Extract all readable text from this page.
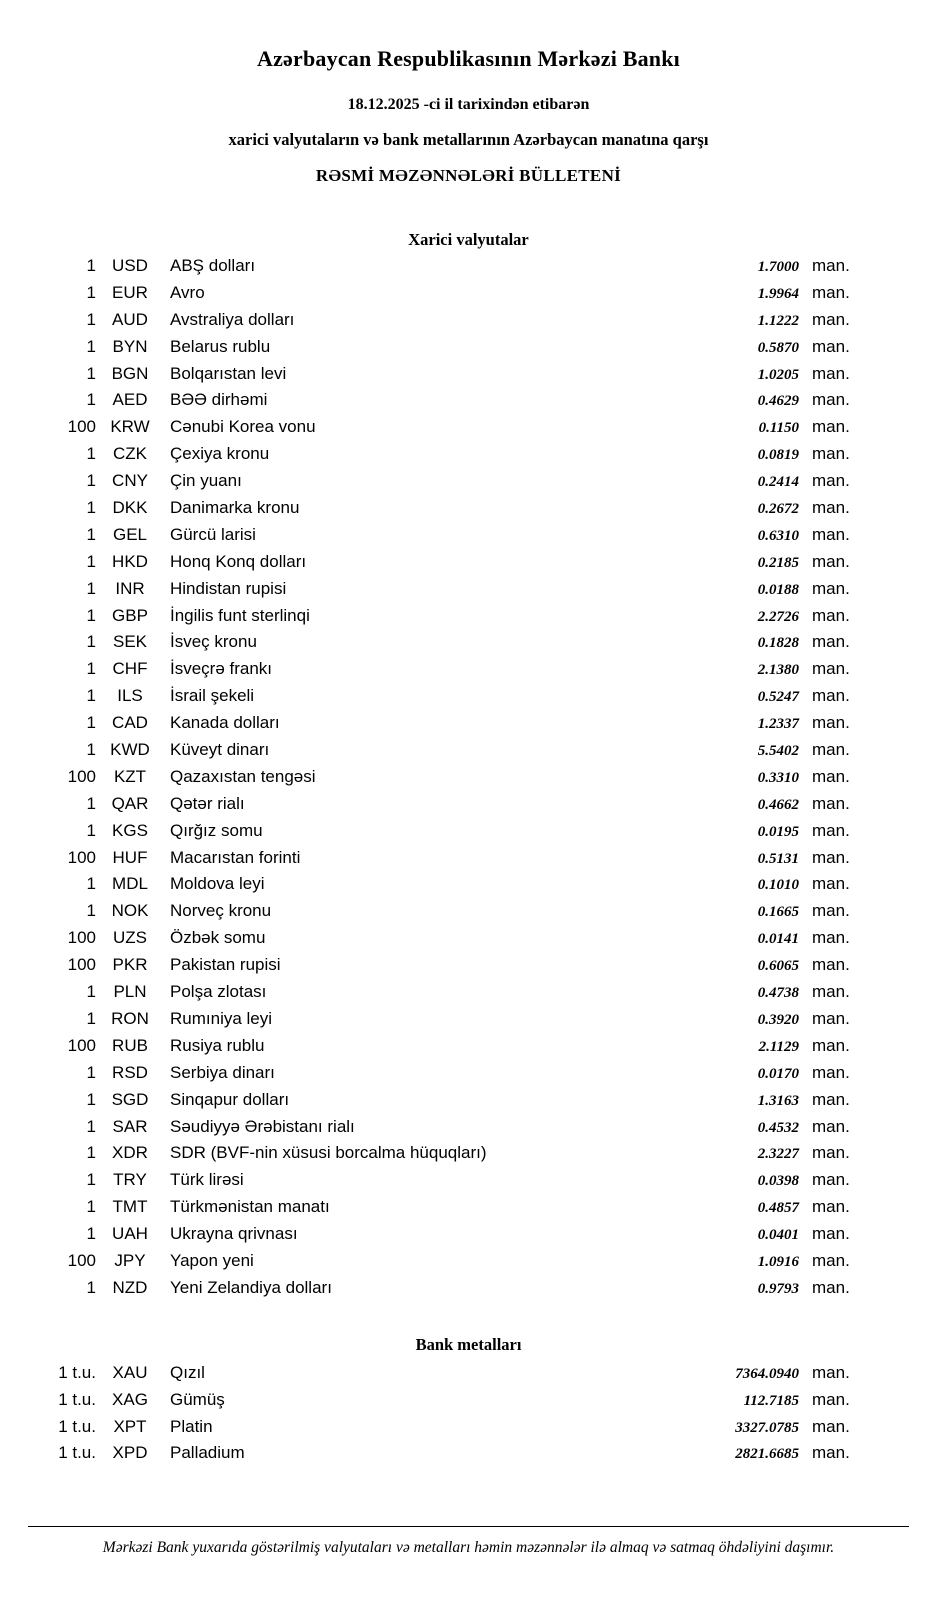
Azərbaycan Respublikasının Mərkəzi Bankı
18.12.2025 -ci il tarixindən etibarən
xarici valyutaların və bank metallarının Azərbaycan manatına qarşı
RƏSMİ MƏZƏNNƏLƏRİ BÜLLETENİ
Xarici valyutalar
1 USD	ABŞ dolları	1.7000 man.
1 EUR	Avro	1.9964 man.
1 AUD	Avstraliya dolları	1.1222 man.
1 BYN	Belarus rublu	0.5870 man.
1 BGN	Bolqarıstan levi	1.0205 man.
1 AED	BƏƏ dirhəmi	0.4629 man.
100 KRW	Cənubi Korea vonu	0.1150 man.
1	CZK	Çexiya kronu	0.0819 man.
1 CNY	Çin yuanı	0.2414 man.
1 DKK	Danimarka kronu	0.2672 man.
1 GEL	Gürcü larisi	0.6310 man.
1 HKD	Honq Konq dolları	0.2185 man.
1	INR	Hindistan rupisi	0.0188 man.
1 GBP	İngilis funt sterlinqi	2.2726 man.
1 SEK	İsveç kronu	0.1828 man.
1 CHF	İsveçrə frankı	2.1380 man.
1	ILS	İsrail şekeli	0.5247 man.
1 CAD	Kanada dolları	1.2337 man.
1 KWD	Küveyt dinarı	5.5402 man.
100	KZT	Qazaxıstan tengəsi	0.3310 man.
1 QAR	Qətər rialı	0.4662 man.
1 KGS	Qırğız somu	0.0195 man.
100 HUF	Macarıstan forinti	0.5131 man.
1 MDL	Moldova leyi	0.1010 man.
1 NOK	Norveç kronu	0.1665 man.
100	UZS	Özbək somu	0.0141 man.
100 PKR	Pakistan rupisi	0.6065 man.
1	PLN	Polşa zlotası	0.4738 man.
1 RON	Rumıniya leyi	0.3920 man.
100 RUB	Rusiya rublu	2.1129 man.
1 RSD	Serbiya dinarı	0.0170 man.
1 SGD	Sinqapur dolları	1.3163 man.
1 SAR	Səudiyyə Ərəbistanı rialı	0.4532 man.
1 XDR	SDR (BVF-nin xüsusi borcalma hüquqları)	2.3227 man.
1	TRY	Türk lirəsi	0.0398 man.
1 TMT	Türkmənistan manatı	0.4857 man.
1 UAH	Ukrayna qrivnası	0.0401 man.
100	JPY	Yapon yeni	1.0916 man.
1 NZD	Yeni Zelandiya dolları	0.9793 man.
Bank metalları
1 t.u. XAU	Qızıl	7364.0940 man.
1 t.u. XAG	Gümüş	112.7185 man.
1 t.u.	XPT	Platin	3327.0785 man.
1 t.u. XPD	Palladium	2821.6685 man.
Mərkəzi Bank yuxarıda göstərilmiş valyutaları və metalları həmin məzənnələr ilə almaq və satmaq öhdəliyini daşımır.
